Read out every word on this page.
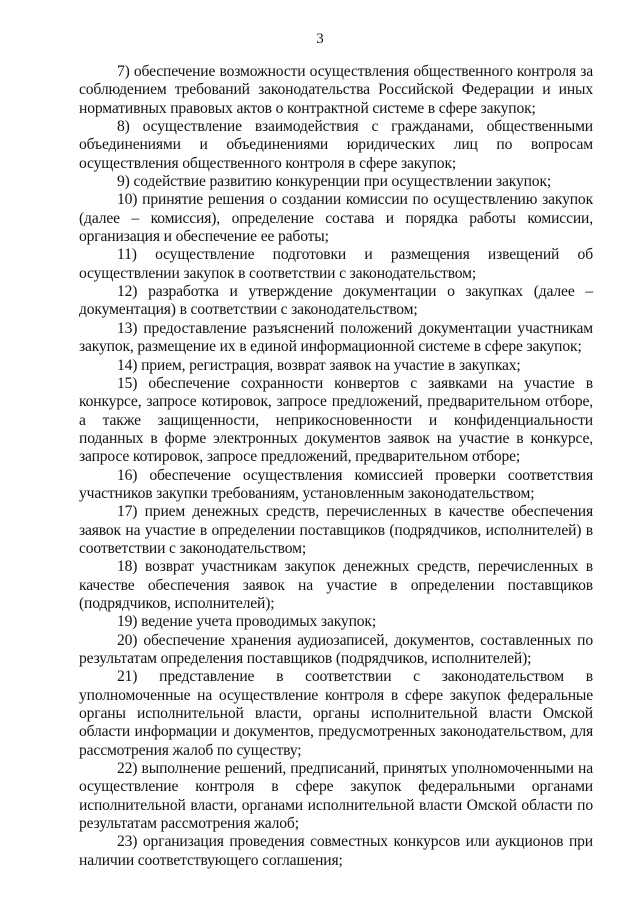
3

7) обеспечение возможности осуществления общественного контроля за соблюдением требований законодательства Российской Федерации и иных нормативных правовых актов о контрактной системе в сфере закупок;

8) осуществление взаимодействия с гражданами, общественными объединениями и объединениями юридических лиц по вопросам осуществления общественного контроля в сфере закупок;

9) содействие развитию конкуренции при осуществлении закупок;

10) принятие решения о создании комиссии по осуществлению закупок (далее – комиссия), определение состава и порядка работы комиссии, организация и обеспечение ее работы;

11) осуществление подготовки и размещения извещений об осуществлении закупок в соответствии с законодательством;

12) разработка и утверждение документации о закупках (далее – документация) в соответствии с законодательством;

13) предоставление разъяснений положений документации участникам закупок, размещение их в единой информационной системе в сфере закупок;

14) прием, регистрация, возврат заявок на участие в закупках;

15) обеспечение сохранности конвертов с заявками на участие в конкурсе, запросе котировок, запросе предложений, предварительном отборе, а также защищенности, неприкосновенности и конфиденциальности поданных в форме электронных документов заявок на участие в конкурсе, запросе котировок, запросе предложений, предварительном отборе;

16) обеспечение осуществления комиссией проверки соответствия участников закупки требованиям, установленным законодательством;

17) прием денежных средств, перечисленных в качестве обеспечения заявок на участие в определении поставщиков (подрядчиков, исполнителей) в соответствии с законодательством;

18) возврат участникам закупок денежных средств, перечисленных в качестве обеспечения заявок на участие в определении поставщиков (подрядчиков, исполнителей);

19) ведение учета проводимых закупок;

20) обеспечение хранения аудиозаписей, документов, составленных по результатам определения поставщиков (подрядчиков, исполнителей);

21) представление в соответствии с законодательством в уполномоченные на осуществление контроля в сфере закупок федеральные органы исполнительной власти, органы исполнительной власти Омской области информации и документов, предусмотренных законодательством, для рассмотрения жалоб по существу;

22) выполнение решений, предписаний, принятых уполномоченными на осуществление контроля в сфере закупок федеральными органами исполнительной власти, органами исполнительной власти Омской области по результатам рассмотрения жалоб;

23) организация проведения совместных конкурсов или аукционов при наличии соответствующего соглашения;
